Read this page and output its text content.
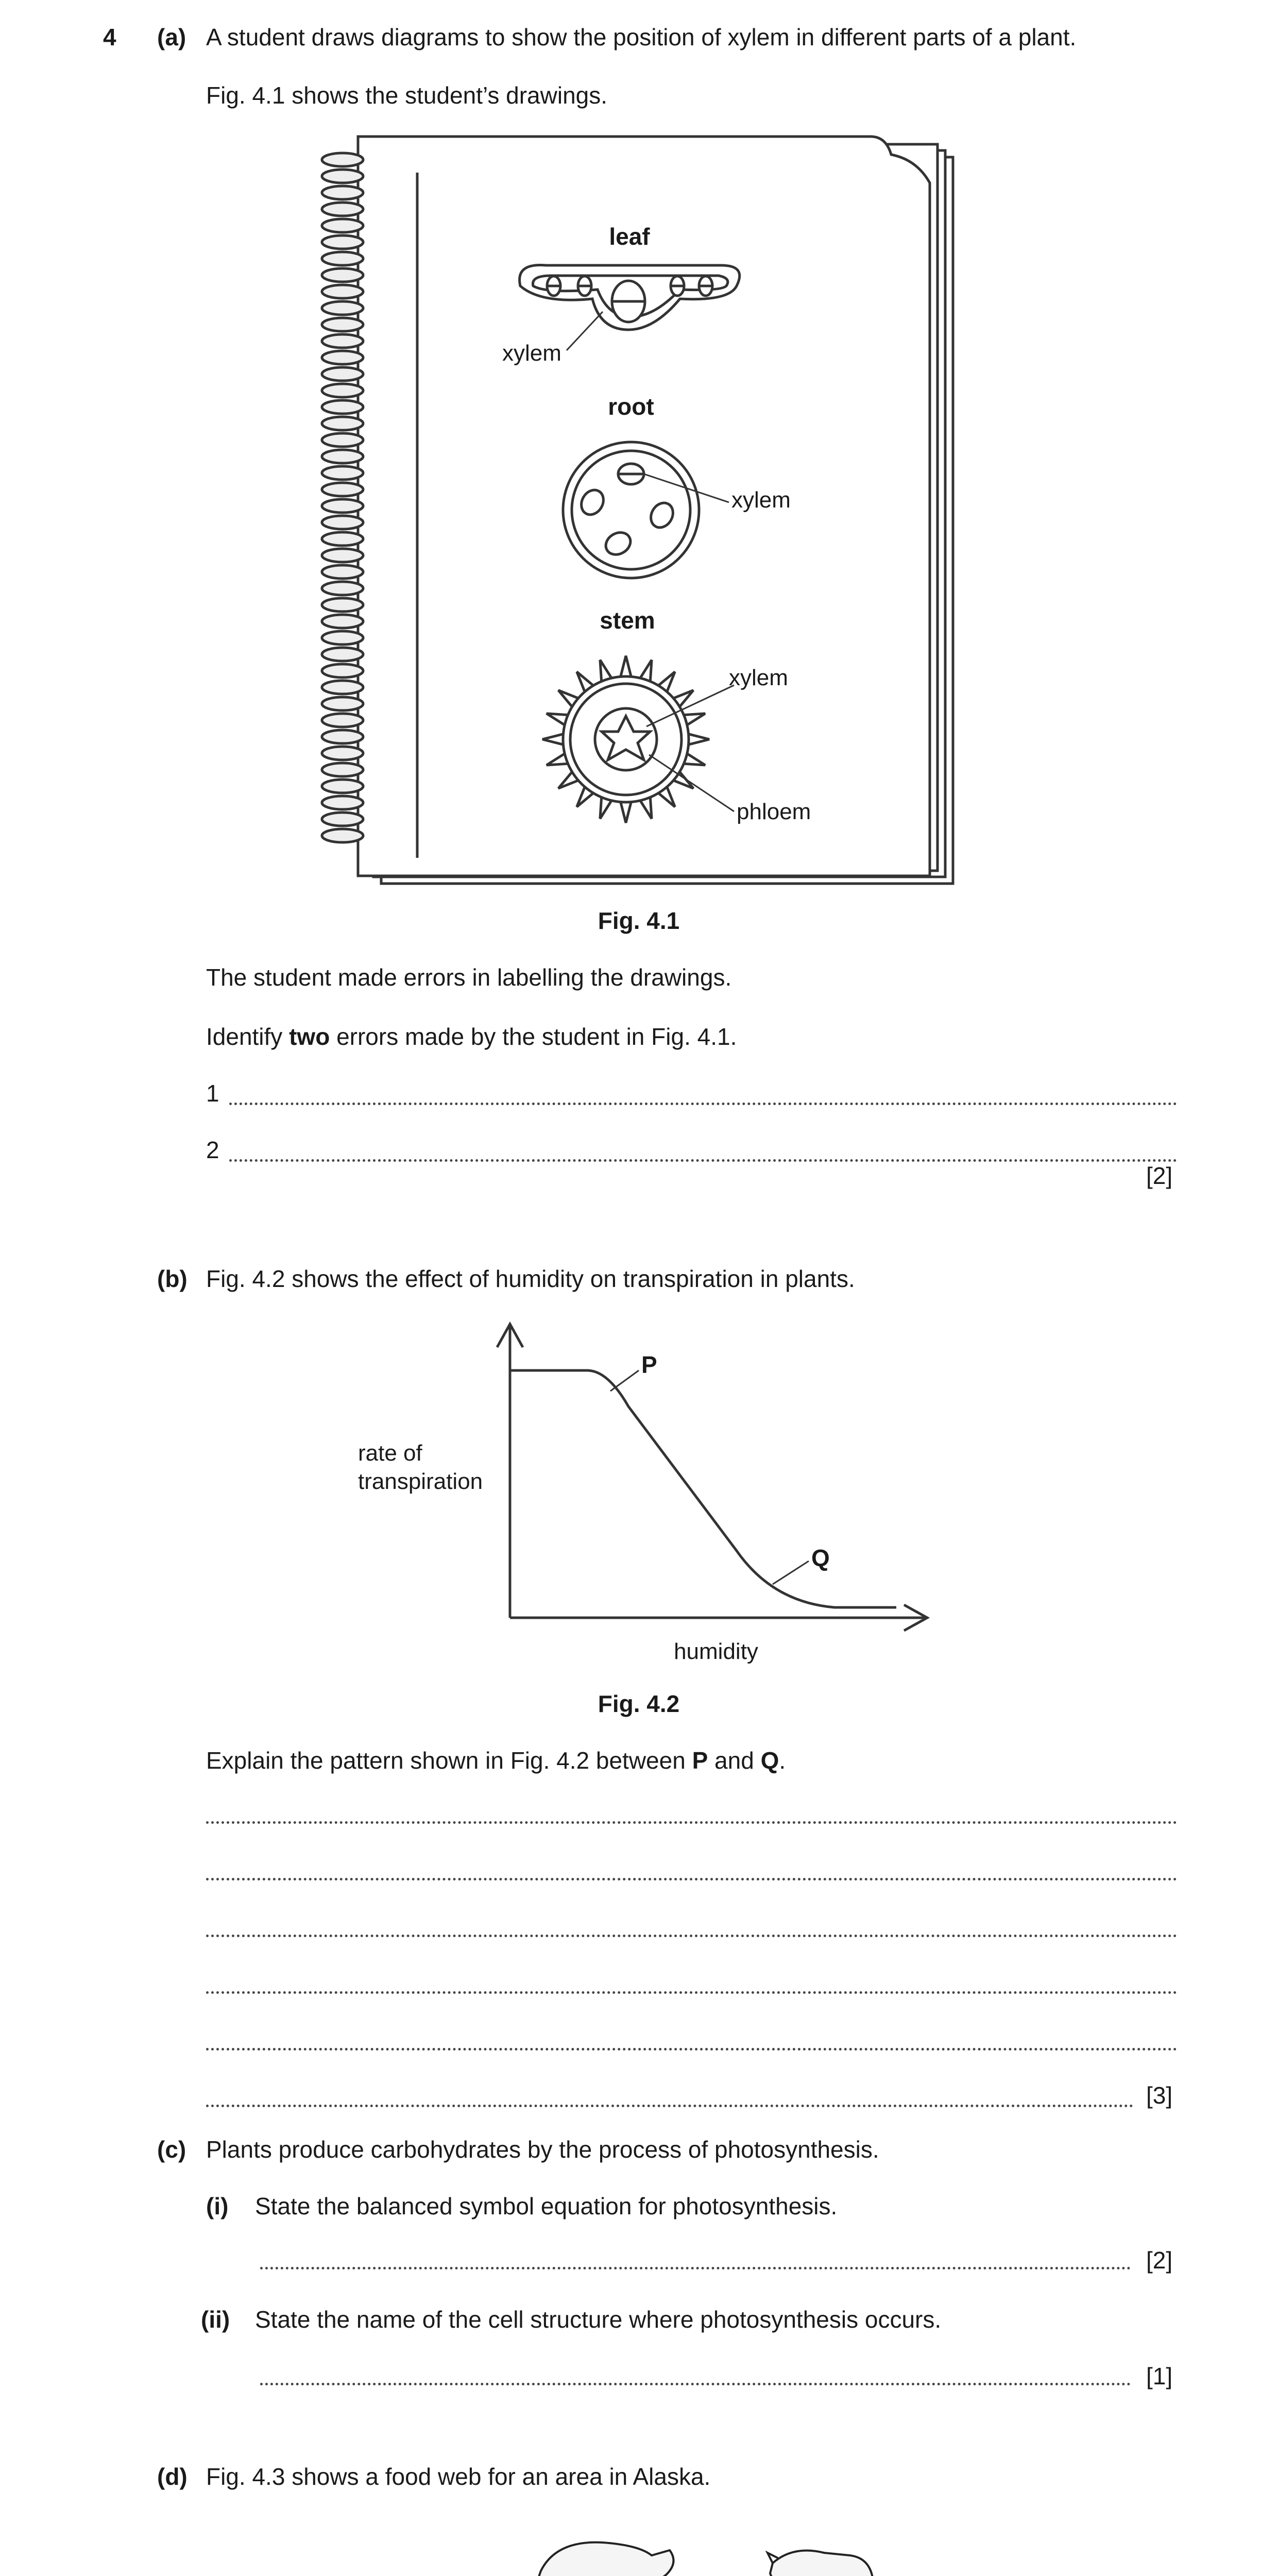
4 (a) A student draws diagrams to show the position of xylem in different parts of a plant.
Fig. 4.1 shows the student’s drawings.
leaf
xylem
root
xylem
stem
xylem
phloem
Fig. 4.1
The student made errors in labelling the drawings.
Identify two errors made by the student in Fig. 4.1.
1
2
[2]
(b) Fig. 4.2 shows the effect of humidity on transpiration in plants.
P
Q
rate of
transpiration
humidity
Fig. 4.2
Explain the pattern shown in Fig. 4.2 between P and Q.
[3]
(c) Plants produce carbohydrates by the process of photosynthesis.
(i) State the balanced symbol equation for photosynthesis.
[2]
(ii) State the name of the cell structure where photosynthesis occurs.
[1]
(d) Fig. 4.3 shows a food web for an area in Alaska.
